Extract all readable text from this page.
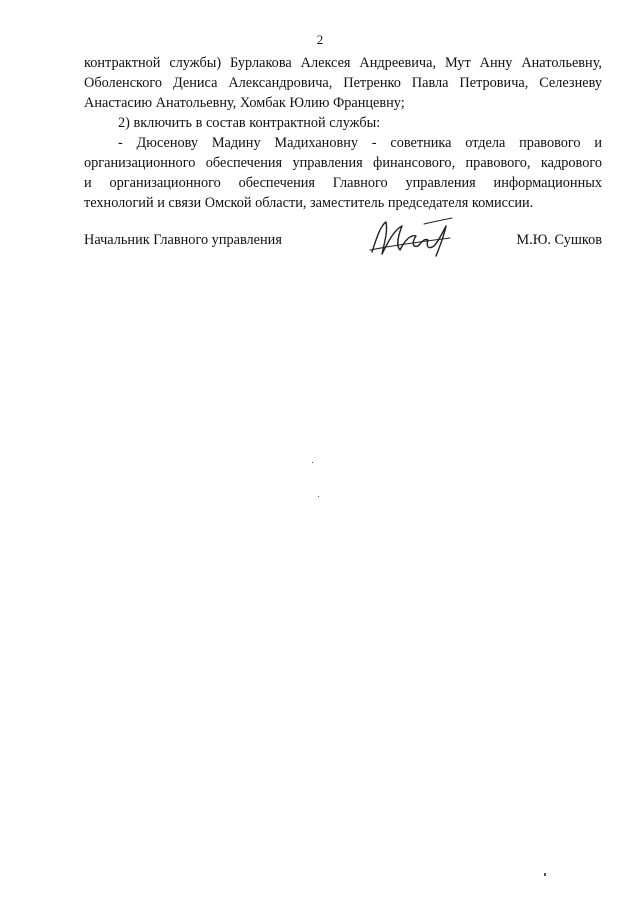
2
контрактной службы) Бурлакова Алексея Андреевича, Мут Анну Анатольевну,
Оболенского Дениса Александровича, Петренко Павла Петровича, Селезневу
Анастасию Анатольевну, Хомбак Юлию Францевну;
2) включить в состав контрактной службы:
- Дюсенову Мадину Мадихановну - советника отдела правового и
организационного обеспечения управления финансового, правового, кадрового
и организационного обеспечения Главного управления информационных
технологий и связи Омской области, заместитель председателя комиссии.
Начальник Главного управления	М.Ю. Сушков
